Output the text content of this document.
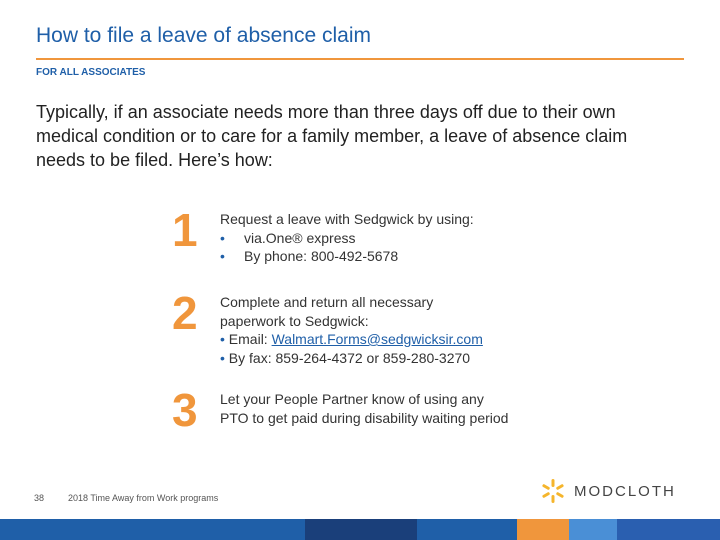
How to file a leave of absence claim
FOR ALL ASSOCIATES
Typically, if an associate needs more than three days off due to their own medical condition or to care for a family member, a leave of absence claim needs to be filed. Here’s how:
1 Request a leave with Sedgwick by using:
• via.One® express
• By phone: 800-492-5678
2 Complete and return all necessary
paperwork to Sedgwick:
• Email: Walmart.Forms@sedgwicksir.com
• By fax: 859-264-4372 or 859-280-3270
3 Let your People Partner know of using any
PTO to get paid during disability waiting period
38	2018 Time Away from Work programs	MODCLOTH
